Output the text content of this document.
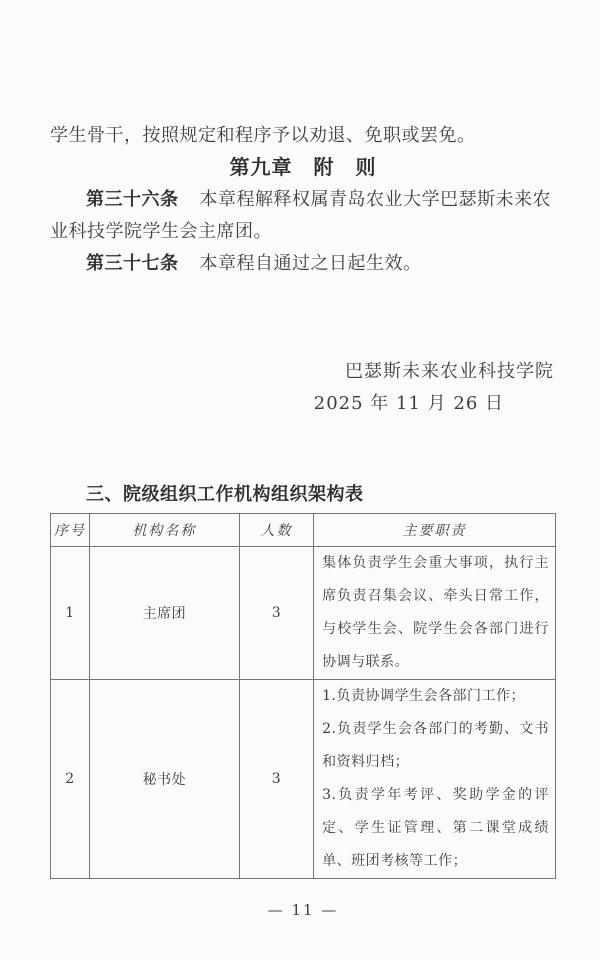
学生骨干，按照规定和程序予以劝退、免职或罢免。

第九章　附　则

第三十六条 本章程解释权属青岛农业大学巴瑟斯未来农业科技学院学生会主席团。

第三十七条 本章程自通过之日起生效。

巴瑟斯未来农业科技学院

2025 年 11 月 26 日

三、院级组织工作机构组织架构表
序号	机构名称	人数	主要职责
1	主席团	3	集体负责学生会重大事项，执行主席负责召集会议、牵头日常工作，与校学生会、院学生会各部门进行协调与联系。

2	秘书处	3	1.负责协调学生会各部门工作；

2.负责学生会各部门的考勤、文书和资料归档；

3.负责学年考评、奖助学金的评定、学生证管理、第二课堂成绩单、班团考核等工作；

— 11 —
